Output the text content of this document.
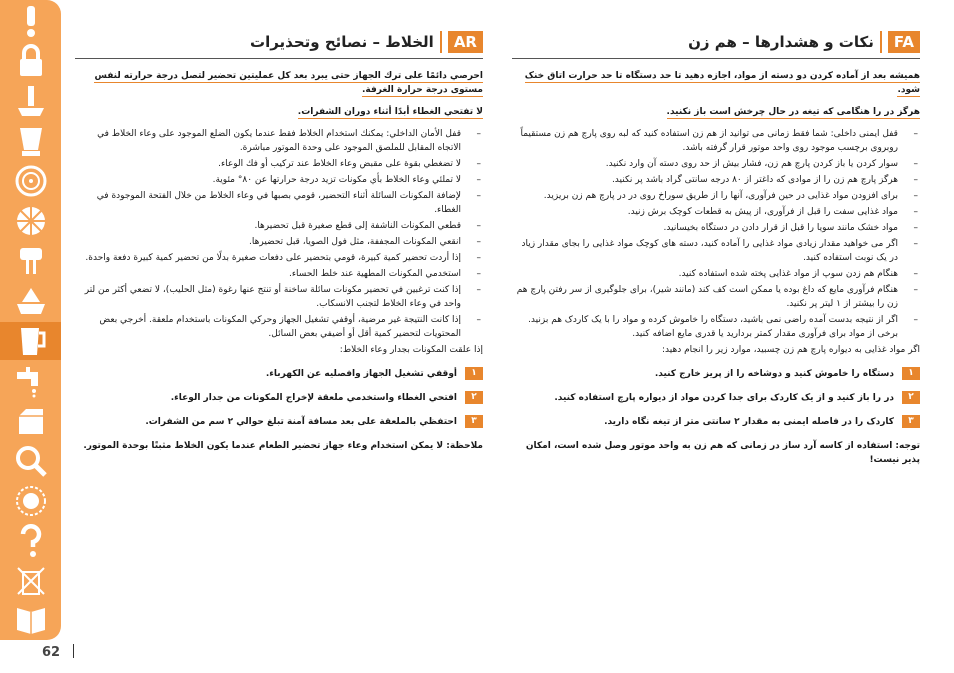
62
FA
نکات و هشدارها – هم زن
همیشه بعد از آماده کردن دو دسته از مواد، اجازه دهید تا حد دستگاه تا حد حرارت اتاق خنک شود.
هرگز در را هنگامی که تیغه در حال چرخش است باز نکنید.
– قفل ایمنی داخلی: شما فقط زمانی می توانید از هم زن استفاده کنید که لبه روی پارچ هم زن مستقیماً روبروی برچسب موجود روی واحد موتور قرار گرفته باشد.
– سوار کردن یا باز کردن پارچ هم زن، فشار بیش از حد روی دسته آن وارد نکنید.
– هرگز پارچ هم زن را از موادی که داغتر از ۸۰ درجه سانتی گراد باشد پر نکنید.
– برای افزودن مواد غذایی در حین فرآوری، آنها را از طریق سوراخ روی در در پارچ هم زن بریزید.
– مواد غذایی سفت را قبل از فرآوری، از پیش به قطعات کوچک برش زنید.
– مواد خشک مانند سویا را قبل از قرار دادن در دستگاه بخیسانید.
– اگر می خواهید مقدار زیادی مواد غذایی را آماده کنید، دسته های کوچک مواد غذایی را بجای مقدار زیاد در یک نوبت استفاده کنید.
– هنگام هم زدن سوپ از مواد غذایی پخته شده استفاده کنید.
– هنگام فرآوری مایع که داغ بوده یا ممکن است کف کند (مانند شیر)، برای جلوگیری از سر رفتن پارچ هم زن را بیشتر از ۱ لیتر پر نکنید.
– اگر از نتیجه بدست آمده راضی نمی باشید، دستگاه را خاموش کرده و مواد را با یک کاردک هم بزنید. برخی از مواد برای فرآوری مقدار کمتر بردارید یا قدری مایع اضافه کنید.
اگر مواد غذایی به دیواره پارچ هم زن چسبید، موارد زیر را انجام دهید:
۱
دستگاه را خاموش کنید و دوشاخه را از پریز خارج کنید.
۲
در را باز کنید و از یک کاردک برای جدا کردن مواد از دیواره پارچ استفاده کنید.
۳
کاردک را در فاصله ایمنی به مقدار ۲ سانتی متر از تیغه نگاه دارید.
توجه: استفاده از کاسه آرد ساز در زمانی که هم زن به واحد موتور وصل شده است، امکان پذیر نیست!
AR
الخلاط – نصائح وتحذيرات
احرصي دائمًا على ترك الجهاز حتى يبرد بعد كل عمليتين تحضير لتصل درجة حرارته لنفس مستوى درجة حرارة الغرفة.
لا تفتحي الغطاء أبدًا أثناء دوران الشفرات.
– قفل الأمان الداخلي: يمكنك استخدام الخلاط فقط عندما يكون الضلع الموجود على وعاء الخلاط في الاتجاه المقابل للملصق الموجود على وحدة الموتور مباشرة.
– لا تضغطي بقوة على مقبض وعاء الخلاط عند تركيب أو فك الوعاء.
– لا تملئي وعاء الخلاط بأي مكونات تزيد درجة حرارتها عن ٨٠° مئوية.
– لإضافة المكونات السائلة أثناء التحضير، قومي بصبها في وعاء الخلاط من خلال الفتحة الموجودة في الغطاء.
– قطعي المكونات الناشفة إلى قطع صغيرة قبل تحضيرها.
– انقعي المكونات المجففة، مثل فول الصويا، قبل تحضيرها.
– إذا أردت تحضير كمية كبيرة، قومي بتحضير على دفعات صغيرة بدلًا من تحضير كمية كبيرة دفعة واحدة.
– استخدمي المكونات المطهية عند خلط الحساء.
– إذا كنت ترغبين في تحضير مكونات سائلة ساخنة أو تنتج عنها رغوة (مثل الحليب)، لا تضعي أكثر من لتر واحد في وعاء الخلاط لتجنب الانسكاب.
– إذا كانت النتيجة غير مرضية، أوقفي تشغيل الجهاز وحركي المكونات باستخدام ملعقة. أخرجي بعض المحتويات لتحضير كمية أقل أو أضيفي بعض السائل.
إذا علقت المكونات بجدار وعاء الخلاط:
١
أوقفي تشغيل الجهاز وافصليه عن الكهرباء.
٢
افتحي الغطاء واستخدمي ملعقة لإخراج المكونات من جدار الوعاء.
٣
احتفظي بالملعقة على بعد مسافة آمنة تبلغ حوالي ٢ سم من الشفرات.
ملاحظة: لا يمكن استخدام وعاء جهاز تحضير الطعام عندما يكون الخلاط مثبتًا بوحدة الموتور.
